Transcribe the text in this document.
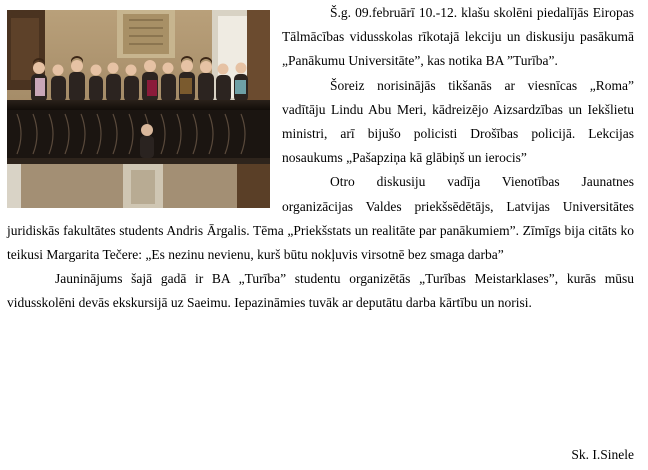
Š.g. 09.februārī 10.-12. klašu skolēni piedalījās Eiropas Tālmācības vidusskolas rīkotajā lekciju un diskusiju pasākumā „Panākumu Universitāte”, kas notika BA ”Turība”.

Šoreiz norisinājās tikšanās ar viesnīcas „Roma” vadītāju Lindu Abu Meri, kādreizējo Aizsardzības un Iekšlietu ministri, arī bijušo policisti Drošības policijā. Lekcijas nosaukums „Pašapziņa kā glābiņš un ierocis”

Otro diskusiju vadīja Vienotības Jaunatnes organizācijas Valdes priekšsēdētājs, Latvijas Universitātes juridiskās fakultātes students Andris Ārgalis. Tēma „Priekšstats un realitāte par panākumiem”. Zīmīgs bija citāts ko teikusi Margarita Tečere: „Es nezinu nevienu, kurš būtu nokļuvis virsotnē bez smaga darba”

Jauninājums šajā gadā ir BA „Turība” studentu organizētās „Turības Meistarklases”, kurās mūsu vidusskolēni devās ekskursijā uz Saeimu. Iepazināmies tuvāk ar deputātu darba kārtību un norisi.

Sk. I.Sinele
